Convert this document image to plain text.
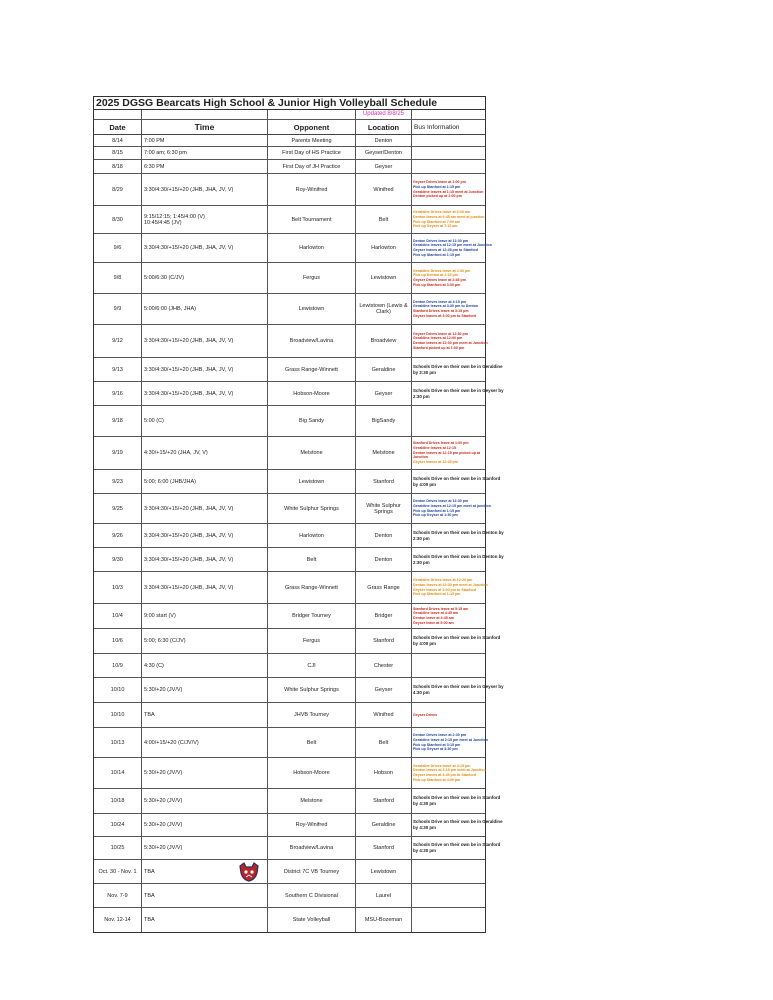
2025 DGSG Bearcats High School & Junior High Volleyball Schedule
Updated 8/8/25
Date	Time	Opponent	Location	Bus Information
8/14	7:00 PM	Parents Meeting	Denton
8/15	7:00 am; 6:30 pm	First Day of HS Practice	Geyser/Denton
8/18	6:30 PM	First Day of JH Practice	Geyser
8/29	3:30/4:30/+15/+20 (JHB, JHA, JV, V)	Roy-Winifred	Winifred
Geyser Drives leave at 1:00 pm
Pick up Stanford at 1:15 pm
Geraldine leaves at 1:15 meet at Junction
Denton picked up at 2:00 pm
8/30	9:15/12:15; 1:45/4:00 (V)
10:45/4:45 (JV)	Belt Tournament	Belt
Geraldine Drives leave at 6:00 am
Denton leaves at 6:45 am meet at junction
Pick up Stanford at 7:00 am
Pick up Geyser at 7:15 am
9/6	3:30/4:30/+15/+20 (JHB, JHA, JV, V)	Harlowton	Harlowton
Denton Drives leave at 12:30 pm
Geraldine leaves at 12:15 pm meet at Junction
Geyser leaves at 12:45 pm to Stanford
Pick up Stanford at 1:15 pm
9/8	5:00/6:30 (C/JV)	Fergus	Lewistown
Geraldine Drives leave at 2:30 pm
Pick up Denton at 2:15 pm
Geyser Drives leave at 2:45 pm
Pick up Stanford at 3:00 pm
9/9	5:00/6:00 (JHB, JHA)	Lewistown	Lewistown (Lewis & Clark)
Denton Drives leave at 4:15 pm
Geraldine leaves at 3:30 pm to Denton
Stanford Drives leave at 3:15 pm
Geyser leaves at 3:00 pm to Stanford
9/12	3:30/4:30/+15/+20 (JHB, JHA, JV, V)	Broadview/Lavina	Broadview
Geyser Drives leave at 12:30 pm
Geraldine leaves at 12:00 pm
Denton leaves at 12:00 pm meet at Junction
Stanford picked up at 1:00 pm
9/13	3:30/4:30/+15/+20 (JHB, JHA, JV, V)	Grass Range-Winnett	Geraldine
Schools Drive on their own be in Geraldine
by 2:30 pm
9/16	3:30/4:30/+15/+20 (JHB, JHA, JV, V)	Hobson-Moore	Geyser
Schools Drive on their own be in Geyser by
2:30 pm
9/18	5:00 (C)	Big Sandy	BigSandy
9/19	4:30/+15/+20 (JHA, JV, V)	Melstone	Melstone
Stanford Drives leave at 1:00 pm
Geraldine leaves at 12:15
Denton leaves at 12:15 pm picked up at
Junction
Geyser leaves at 12:45 pm
9/23	5:00; 6:00 (JHB/JHA)	Lewistown	Stanford
Schools Drive on their own be in Stanford
by 4:00 pm
9/25	3:30/4:30/+15/+20 (JHB, JHA, JV, V)	White Sulphur Springs	White Sulphur Springs
Denton Drives leave at 12:30 pm
Geraldine leaves at 12:15 pm meet at junction
Pick up Stanford at 1:15 pm
Pick up Geyser at 1:30 pm
9/26	3:30/4:30/+15/+20 (JHB, JHA, JV, V)	Harlowton	Denton
Schools Drive on their own be in Denton by
2:30 pm
9/30	3:30/4:30/+15/+20 (JHB, JHA, JV, V)	Belt	Denton
Schools Drive on their own be in Denton by
2:30 pm
10/3	3:30/4:30/+15/+20 (JHB, JHA, JV, V)	Grass Range-Winnett	Grass Range
Geraldine Drives leave at 12:20 pm
Denton leaves at 12:30 pm meet at Junction
Geyser leaves at 1:00 pm to Stanford
Pick up Stanford at 1:15 pm
10/4	9:00 start (V)	Bridger Tourney	Bridger
Stanford Drives leave at 5:15 am
Geraldine leave at 4:45 am
Denton leave at 4:45 am
Geyser leave at 5:00 am
10/6	5:00; 6:30 (C/JV)	Fergus	Stanford
Schools Drive on their own be in Stanford
by 4:00 pm
10/9	4:30 (C)	CJI	Chester
10/10	5:30/+20 (JV/V)	White Sulphur Springs	Geyser
Schools Drive on their own be in Geyser by
4:30 pm
10/10	TBA	JHVB Tourney	Winifred	Geyser Drives
10/13	4:00/+15/+20 (C/JV/V)	Belt	Belt
Denton Drives leave at 2:30 pm
Geraldine leave at 2:15 pm meet at Junction
Pick up Stanford at 3:15 pm
Pick up Geyser at 3:30 pm
10/14	5:30/+20 (JV/V)	Hobson-Moore	Hobson
Geraldine Drives leave at 3:15 pm
Denton leaves at 3:15 pm meet at Junction
Geyser leaves at 3:45 pm to Stanford
Pick up Stanford at 4:00 pm
10/18	5:30/+20 (JV/V)	Melstone	Stanford
Schools Drive on their own be in Stanford
by 4:30 pm
10/24	5:30/+20 (JV/V)	Roy-Winifred	Geraldine
Schools Drive on their own be in Geraldine
by 4:30 pm
10/25	5:30/+20 (JV/V)	Broadview/Lavina	Stanford
Schools Drive on their own be in Stanford
by 4:30 pm
Oct. 30 - Nov. 1	TBA	District 7C VB Tourney	Lewistown
Nov. 7-9	TBA	Southern C Divisional	Laurel
Nov. 12-14	TBA	State Volleyball	MSU-Bozeman
